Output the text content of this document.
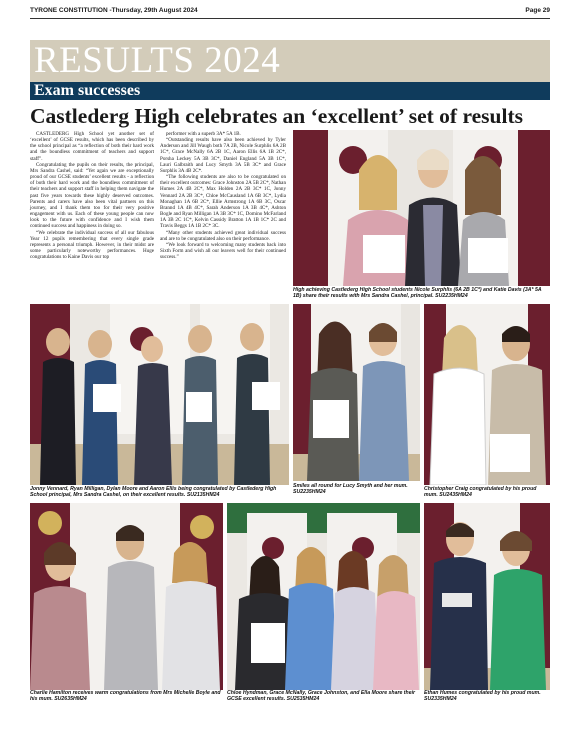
TYRONE CONSTITUTION -Thursday, 29th August 2024	Page 29
RESULTS 2024
Exam successes
Castlederg High celebrates an ‘excellent’ set of results

CASTLEDERG High School yet another set of ‘excellent’ of GCSE results, which has been described by the school principal as “a reflection of both their hard work and the boundless commitment of teachers and support staff”.

Congratulating the pupils on their results, the principal, Mrs Sandra Cashel, said: “Yet again we are exceptionally proud of our GCSE students’ excellent results - a reflection of both their hard work and the boundless commitment of their teachers and support staff in helping them navigate the past five years towards these highly deserved outcomes. Parents and carers have also been vital partners on this journey, and I thank them too for their very positive engagement with us. Each of these young people can now look to the future with confidence and I wish them continued success and happiness in doing so.

“We celebrate the individual success of all our fabulous Year 12 pupils remembering that every single grade represents a personal triumph. However, in their midst are some particularly noteworthy performances. Huge congratulations to Kaine Davis our top

performer with a superb 3A* 5A 1B.

“Outstanding results have also been achieved by Tyler Anderson and Jill Waugh both 7A 2B, Nicole Surphlis 6A 2B 1C*, Grace McNally 6A 2B 1C, Aaron Ellis 6A 1B 2C*, Porsha Leckey 5A 3B 3C*, Daniel England 5A 3B 1C*, Lauri Galbraith and Lucy Smyth 3A 5B 3C* and Grace Surphlis 3A 4B 2C*.

“The following students are also to be congratulated on their excellent outcomes: Grace Johnston 2A 5B 2C*, Nathan Humes 2A 4B 2C*, Max Holden 2A 2B 3C* 1C, Jonny Vennard 2A 2B 3C*, Chloe McCausland 1A 6B 3C*, Lydia Monaghan 1A 6B 2C*, Ellie Armstrong 1A 6B 3C, Oscar Brannd 1A 4B 4C*, Sarah Anderson 1A 3B 4C*, Ashton Bogle and Ryan Milligan 1A 3B 3C* 1C, Domino McFarland 1A 3B 2C 1C*, Kelvin Cassidy Bratton 1A 1B 1C* 2C and Travis Beggs 1A 1B 2C* 3C.

“Many other students achieved great individual success and are to be congratulated also on their performance.

“We look forward to welcoming many students back into Sixth Form and wish all our leavers well for their continued success.”

High achieving Castlederg High School students Nicole Surphlis (6A 2B 1C*) and Katie Davis (3A* 5A 1B) share their results with Mrs Sandra Cashel, principal. SU2235HM24
Jonny Vennard, Ryan Milligan, Dylan Moore and Aaron Ellis being congratulated by Castlederg High School principal, Mrs Sandra Cashel, on their excellent results. SU2135HM24
Smiles all round for Lucy Smyth and her mum. SU2235HM24	Christopher Craig congratulated by his proud mum. SU2435HM24
Charlie Hamilton receives warm congratulations from Mrs Michelle Boyle and his mum. SU2635HM24
Chloe Hyndman, Grace McNally, Grace Johnston, and Ella Moore share their GCSE excellent results. SU2535HM24
Ethan Humes congratulated by his proud mum. SU2335HM24
